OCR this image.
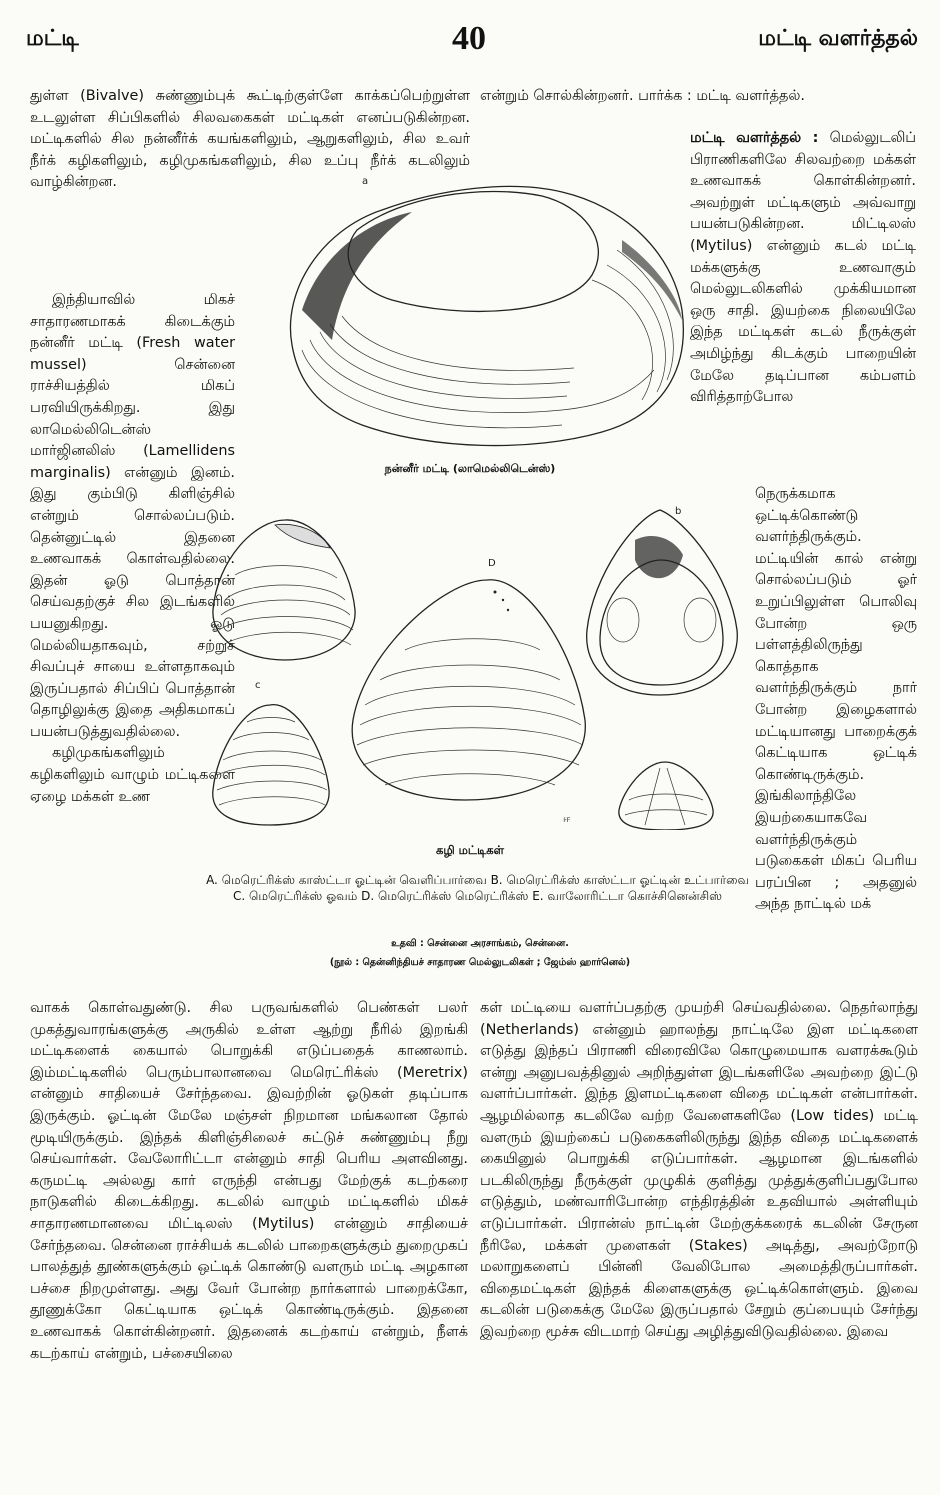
மட்டி	40	மட்டி வளர்த்தல்

துள்ள (Bivalve) சுண்ணும்புக் கூட்டிற்குள்ளே காக்கப்பெற்றுள்ள உடலுள்ள சிப்பிகளில் சிலவகைகள் மட்டிகள் எனப்படுகின்றன. மட்டிகளில் சில நன்னீர்க் கயங்களிலும், ஆறுகளிலும், சில உவர் நீர்க் கழிகளிலும், கழிமுகங்களிலும், சில உப்பு நீர்க் கடலிலும் வாழ்கின்றன.

இந்தியாவில் மிகச் சாதாரணமாகக் கிடைக்கும் நன்னீர் மட்டி (Fresh water mussel) சென்னை ராச்சியத்தில் மிகப் பரவியிருக்கிறது. இது லாமெல்லிடென்ஸ் மார்ஜினலிஸ் (Lamellidens marginalis) என்னும் இனம். இது கும்பிடு கிளிஞ்சில் என்றும் சொல்லப்படும். தென்னுட்டில் இதனை உணவாகக் கொள்வதில்லை. இதன் ஓடு பொத்தான் செய்வதற்குச் சில இடங்களில் பயனுகிறது. ஓடு மெல்லியதாகவும், சற்றுச் சிவப்புச் சாயை உள்ளதாகவும் இருப்பதால் சிப்பிப் பொத்தான் தொழிலுக்கு இதை அதிகமாகப் பயன்படுத்துவதில்லை.

கழிமுகங்களிலும் கழிகளிலும் வாழும் மட்டிகளை ஏழை மக்கள் உண

என்றும் சொல்கின்றனர். பார்க்க : மட்டி வளர்த்தல்.

மட்டி வளர்த்தல் : மெல்லுடலிப் பிராணிகளிலே சிலவற்றை மக்கள் உணவாகக் கொள்கின்றனர். அவற்றுள் மட்டிகளும் அவ்வாறு பயன்படுகின்றன. மிட்டிலஸ் (Mytilus) என்னும் கடல் மட்டி மக்களுக்கு உணவாகும் மெல்லுடலிகளில் முக்கியமான ஒரு சாதி. இயற்கை நிலையிலே இந்த மட்டிகள் கடல் நீருக்குள் அமிழ்ந்து கிடக்கும் பாறையின் மேலே தடிப்பான கம்பளம் விரித்தாற்போல

நெருக்கமாக ஒட்டிக்கொண்டு வளர்ந்திருக்கும். மட்டியின் கால் என்று சொல்லப்படும் ஓர் உறுப்பிலுள்ள பொலிவு போன்ற ஒரு பள்ளத்திலிருந்து கொத்தாக வளர்ந்திருக்கும் நார் போன்ற இழைகளால் மட்டியானது பாறைக்குக் கெட்டியாக ஒட்டிக் கொண்டிருக்கும். இங்கிலாந்திலே இயற்கையாகவே வளர்ந்திருக்கும் படுகைகள் மிகப் பெரிய பரப்பின ; அதனுல் அந்த நாட்டில் மக்

a
நன்னீர் மட்டி (லாமெல்லிடென்ஸ்)
D
b
c
ஈ
கழி மட்டிகள்
A. மெரெட்ரிக்ஸ் காஸ்ட்டா ஓட்டின் வெளிப்பார்வை B. மெரெட்ரிக்ஸ் காஸ்ட்டா ஓட்டின் உட்பார்வை C. மெரெட்ரிக்ஸ் ஓவம் D. மெரெட்ரிக்ஸ் மெரெட்ரிக்ஸ் E. வாலோரிட்டா கொச்சினென்சிஸ்
உதவி : சென்னை அரசாங்கம், சென்னை.
(நூல் : தென்னிந்தியச் சாதாரண மெல்லுடலிகள் ; ஜேம்ஸ் ஹார்னெல்)

வாகக் கொள்வதுண்டு. சில பருவங்களில் பெண்கள் பலர் முகத்துவாரங்களுக்கு அருகில் உள்ள ஆற்று நீரில் இறங்கி மட்டிகளைக் கையால் பொறுக்கி எடுப்பதைக் காணலாம். இம்மட்டிகளில் பெரும்பாலானவை மெரெட்ரிக்ஸ் (Meretrix) என்னும் சாதியைச் சேர்ந்தவை. இவற்றின் ஓடுகள் தடிப்பாக இருக்கும். ஓட்டின் மேலே மஞ்சள் நிறமான மங்கலான தோல் மூடியிருக்கும். இந்தக் கிளிஞ்சிலைச் சுட்டுச் சுண்ணும்பு நீறு செய்வார்கள். வேலோரிட்டா என்னும் சாதி பெரிய அளவினது. கருமட்டி அல்லது கார் எருந்தி என்பது மேற்குக் கடற்கரை நாடுகளில் கிடைக்கிறது. கடலில் வாழும் மட்டிகளில் மிகச் சாதாரணமானவை மிட்டிலஸ் (Mytilus) என்னும் சாதியைச் சேர்ந்தவை. சென்னை ராச்சியக் கடலில் பாறைகளுக்கும் துறைமுகப் பாலத்துத் தூண்களுக்கும் ஒட்டிக் கொண்டு வளரும் மட்டி அழகான பச்சை நிறமுள்ளது. அது வேர் போன்ற நார்களால் பாறைக்கோ, தூணுக்கோ கெட்டியாக ஒட்டிக் கொண்டிருக்கும். இதனை உணவாகக் கொள்கின்றனர். இதனைக் கடற்காய் என்றும், நீளக் கடற்காய் என்றும், பச்சையிலை

கள் மட்டியை வளர்ப்பதற்கு முயற்சி செய்வதில்லை. நெதர்லாந்து (Netherlands) என்னும் ஹாலந்து நாட்டிலே இள மட்டிகளை எடுத்து இந்தப் பிராணி விரைவிலே கொழுமையாக வளரக்கூடும் என்று அனுபவத்தினுல் அறிந்துள்ள இடங்களிலே அவற்றை இட்டு வளர்ப்பார்கள். இந்த இளமட்டிகளை விதை மட்டிகள் என்பார்கள். ஆழமில்லாத கடலிலே வற்ற வேளைகளிலே (Low tides) மட்டி வளரும் இயற்கைப் படுகைகளிலிருந்து இந்த விதை மட்டிகளைக் கையினுல் பொறுக்கி எடுப்பார்கள். ஆழமான இடங்களில் படகிலிருந்து நீருக்குள் முழுகிக் குளித்து முத்துக்குளிப்பதுபோல எடுத்தும், மண்வாரிபோன்ற எந்திரத்தின் உதவியால் அள்ளியும் எடுப்பார்கள். பிரான்ஸ் நாட்டின் மேற்குக்கரைக் கடலின் சேருன நீரிலே, மக்கள் முளைகள் (Stakes) அடித்து, அவற்றோடு மலாறுகளைப் பின்னி வேலிபோல அமைத்திருப்பார்கள். விதைமட்டிகள் இந்தக் கிளைகளுக்கு ஒட்டிக்கொள்ளும். இவை கடலின் படுகைக்கு மேலே இருப்பதால் சேறும் குப்பையும் சேர்ந்து இவற்றை மூச்சு விடமாற் செய்து அழித்துவிடுவதில்லை. இவை
